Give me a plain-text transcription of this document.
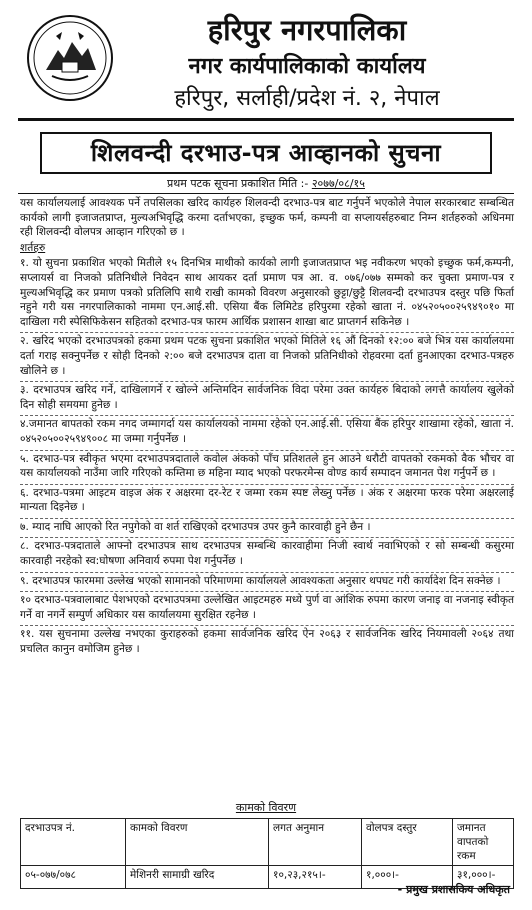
हरिपुर नगरपालिका
नगर कार्यपालिकाको कार्यालय
हरिपुर, सर्लाही/प्रदेश नं. २, नेपाल
शिलवन्दी दरभाउ-पत्र आव्हानको सुचना
प्रथम पटक सूचना प्रकाशित मिति :- २०७७/०८/१५

यस कार्यालयलाई आवश्यक पर्ने तपसिलका खरिद कार्यहरु शिलवन्दी दरभाउ-पत्र बाट गर्नुपर्ने भएकोले नेपाल सरकारबाट सम्बन्धित कार्यको लागी इजाजतप्राप्त, मुल्यअभिवृद्धि करमा दर्ताभएका, इच्छुक फर्म, कम्पनी वा सप्लायर्सहरुबाट निम्न शर्तहरुको अधिनमा रही शिलवन्दी वोलपत्र आव्हान गरिएको छ ।

शर्तहरु

१. यो सुचना प्रकाशित भएको मितीले १५ दिनभित्र माथीको कार्यको लागी इजाजतप्राप्त भइ नवीकरण भएको इच्छुक फर्म,कम्पनी, सप्लायर्स वा निजको प्रतिनिधीले निवेदन साथ आयकर दर्ता प्रमाण पत्र आ. व. ०७६/०७७ सम्मको कर चुक्ता प्रमाण-पत्र र मुल्यअभिवृद्धि कर प्रमाण पत्रको प्रतिलिपि साथै राखी कामको विवरण अनुसारको छुट्टा/छुट्टै शिलवन्दी दरभाउपत्र दस्तुर पछि फिर्ता नहुने गरी यस नगरपालिकाको नाममा एन.आई.सी. एसिया बैंक लिमिटेड हरिपुरमा रहेको खाता नं. ०४५२०५००२५९४९०१० मा दाखिला गरी स्पेसिफिकेसन सहितको दरभाउ-पत्र फारम आर्थिक प्रशासन शाखा बाट प्राप्तगर्न सकिनेछ ।

२. खरिद भएको दरभाउपत्रको हकमा प्रथम पटक सुचना प्रकाशित भएको मितिले १६ औं दिनको १२:०० बजे भित्र यस कार्यालयमा दर्ता गराइ सक्नुपर्नेछ र सोही दिनको २:०० बजे दरभाउपत्र दाता वा निजको प्रतिनिधीको रोहवरमा दर्ता हुनआएका दरभाउ-पत्रहरु खोलिने छ ।

३. दरभाउपत्र खरिद गर्ने, दाखिलागर्ने र खोल्ने अन्तिमदिन सार्वजनिक विदा परेमा उक्त कार्यहरु बिदाको लगत्तै कार्यालय खुलेको दिन सोही समयमा हुनेछ ।

४.जमानत बापतको रकम नगद जम्मागर्दा यस कार्यालयको नाममा रहेको एन.आई.सी. एसिया बैंक हरिपुर शाखामा रहेको, खाता नं. ०४५२०५००२५९४९००८ मा जम्मा गर्नुपर्नेछ ।

५. दरभाउ-पत्र स्वीकृत भएमा दरभाउपत्रदाताले कवोल अंकको पाँच प्रतिशतले हुन आउने धरौटी वापतको रकमको वैक भौचर वा यस कार्यालयको नाउँमा जारि गरिएको कम्तिमा छ महिना म्याद भएको परफरमेन्स वोण्ड कार्य सम्पादन जमानत पेश गर्नुपर्ने छ ।

६. दरभाउ-पत्रमा आइटम वाइज अंक र अक्षरमा दर-रेट र जम्मा रकम स्पष्ट लेख्नु पर्नेछ । अंक र अक्षरमा फरक परेमा अक्षरलाई मान्यता दिइनेछ ।

७. म्याद नाघि आएको रित नपुगेको वा शर्त राखिएको दरभाउपत्र उपर कुनै कारवाही हुने छैन ।

८. दरभाउ-पत्रदाताले आफ्नो दरभाउपत्र साथ दरभाउपत्र सम्बन्धि कारवाहीमा निजी स्वार्थ नवाभिएको र सो सम्बन्धी कसुरमा कारवाही नरहेको स्व:घोषणा अनिवार्य रुपमा पेश गर्नुपर्नेछ ।

९. दरभाउपत्र फारममा उल्लेख भएको सामानको परिमाणमा कार्यालयले आवश्यकता अनुसार थपघट गरी कार्यादेश दिन सक्नेछ ।

१० दरभाउ-पत्रवालाबाट पेशभएको दरभाउपत्रमा उल्लेखित आइटमहरु मध्ये पुर्ण वा आंशिक रुपमा कारण जनाइ वा नजनाइ स्वीकृत गर्ने वा नगर्ने सम्पुर्ण अधिकार यस कार्यालयमा सुरक्षित रहनेछ ।

११. यस सुचनामा उल्लेख नभएका कुराहरुको हकमा सार्वजनिक खरिद ऐन २०६३ र सार्वजनिक खरिद नियमावली २०६४ तथा प्रचलित कानुन वमोजिम हुनेछ ।

कामको विवरण
दरभाउपत्र नं.	कामको विवरण	लगत अनुमान	वोलपत्र दस्तुर	जमानत वापतको रकम
०५-०७७/०७८	मेशिनरी सामाग्री खरिद	१०,२३,२१५।-	१,०००।-	३१,०००।-
- प्रमुख प्रशासकिय अधिकृत
